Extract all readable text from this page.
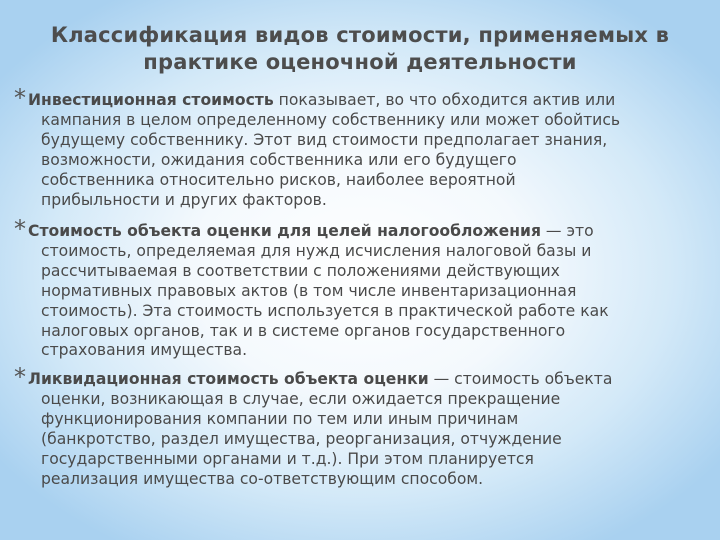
Классификация видов стоимости, применяемых в
практике оценочной деятельности
* Инвестиционная стоимость показывает, во что обходится актив или
кампания в целом определенному собственнику или может обойтись
будущему собственнику. Этот вид стоимости предполагает знания,
возможности, ожидания собственника или его будущего
собственника относительно рисков, наиболее вероятной
прибыльности и других факторов.
* Стоимость объекта оценки для целей налогообложения — это
стоимость, определяемая для нужд исчисления налоговой базы и
рассчитываемая в соответствии с положениями действующих
нормативных правовых актов (в том числе инвентаризационная
стоимость). Эта стоимость используется в практической работе как
налоговых органов, так и в системе органов государственного
страхования имущества.
* Ликвидационная стоимость объекта оценки — стоимость объекта
оценки, возникающая в случае, если ожидается прекращение
функционирования компании по тем или иным причинам
(банкротство, раздел имущества, реорганизация, отчуждение
государственными органами и т.д.). При этом планируется
реализация имущества со-ответствующим способом.
